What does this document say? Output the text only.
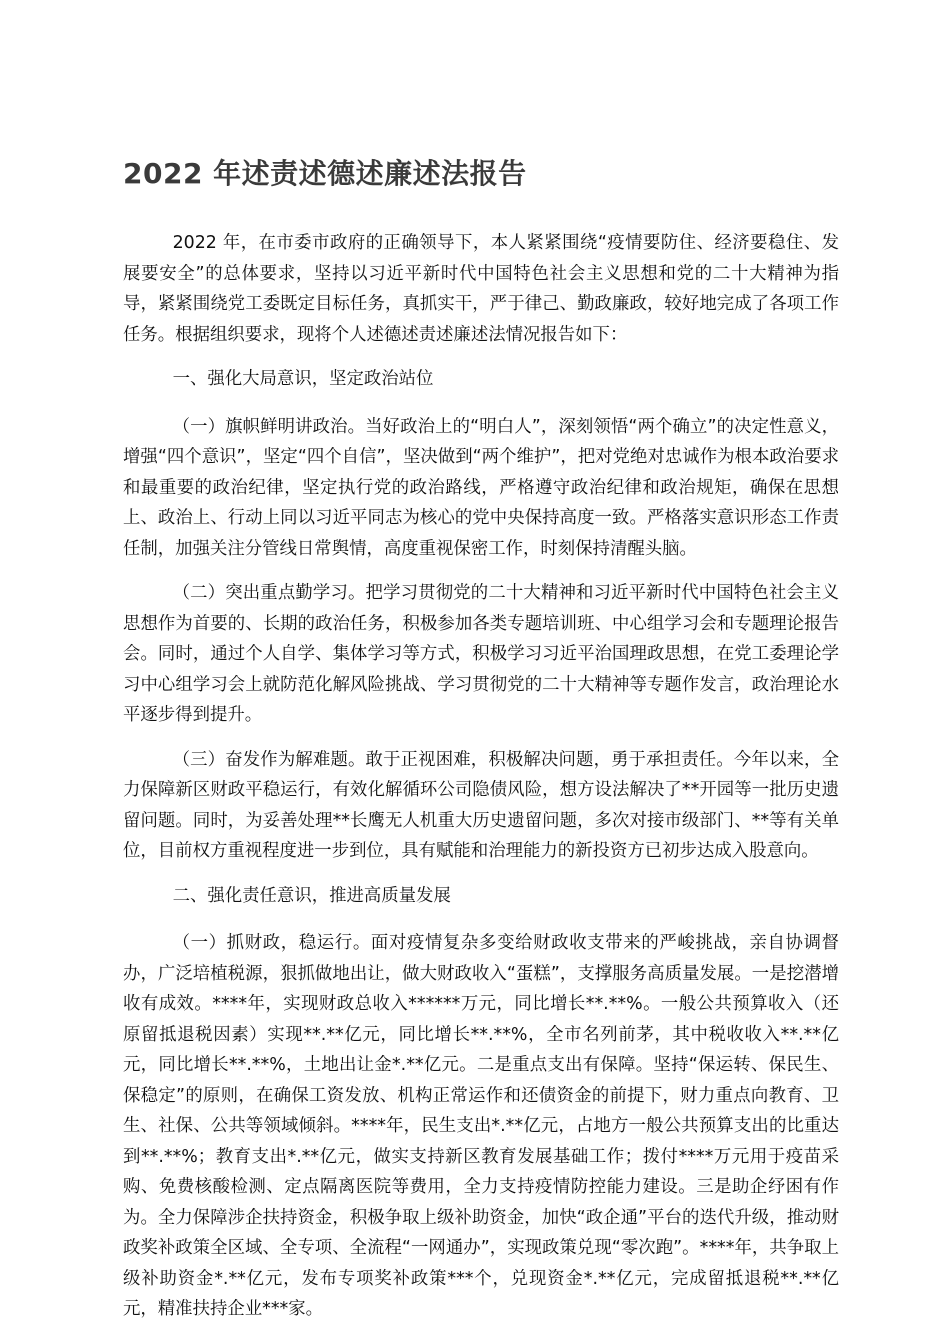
2022 年述责述德述廉述法报告

2022 年，在市委市政府的正确领导下，本人紧紧围绕“疫情要防住、经济要稳住、发展要安全”的总体要求，坚持以习近平新时代中国特色社会主义思想和党的二十大精神为指导，紧紧围绕党工委既定目标任务，真抓实干，严于律己、勤政廉政，较好地完成了各项工作任务。根据组织要求，现将个人述德述责述廉述法情况报告如下：

一、强化大局意识，坚定政治站位

（一）旗帜鲜明讲政治。当好政治上的“明白人”，深刻领悟“两个确立”的决定性意义，增强“四个意识”，坚定“四个自信”，坚决做到“两个维护”，把对党绝对忠诚作为根本政治要求和最重要的政治纪律，坚定执行党的政治路线，严格遵守政治纪律和政治规矩，确保在思想上、政治上、行动上同以习近平同志为核心的党中央保持高度一致。严格落实意识形态工作责任制，加强关注分管线日常舆情，高度重视保密工作，时刻保持清醒头脑。

（二）突出重点勤学习。把学习贯彻党的二十大精神和习近平新时代中国特色社会主义思想作为首要的、长期的政治任务，积极参加各类专题培训班、中心组学习会和专题理论报告会。同时，通过个人自学、集体学习等方式，积极学习习近平治国理政思想，在党工委理论学习中心组学习会上就防范化解风险挑战、学习贯彻党的二十大精神等专题作发言，政治理论水平逐步得到提升。

（三）奋发作为解难题。敢于正视困难，积极解决问题，勇于承担责任。今年以来，全力保障新区财政平稳运行，有效化解循环公司隐债风险，想方设法解决了**开园等一批历史遗留问题。同时，为妥善处理**长鹰无人机重大历史遗留问题，多次对接市级部门、**等有关单位，目前权方重视程度进一步到位，具有赋能和治理能力的新投资方已初步达成入股意向。

二、强化责任意识，推进高质量发展

（一）抓财政，稳运行。面对疫情复杂多变给财政收支带来的严峻挑战，亲自协调督办，广泛培植税源，狠抓做地出让，做大财政收入“蛋糕”，支撑服务高质量发展。一是挖潜增收有成效。****年，实现财政总收入******万元，同比增长**.**%。一般公共预算收入（还原留抵退税因素）实现**.**亿元，同比增长**.**%，全市名列前茅，其中税收收入**.**亿元，同比增长**.**%，土地出让金*.**亿元。二是重点支出有保障。坚持“保运转、保民生、保稳定”的原则，在确保工资发放、机构正常运作和还债资金的前提下，财力重点向教育、卫生、社保、公共等领域倾斜。****年，民生支出*.**亿元，占地方一般公共预算支出的比重达到**.**%；教育支出*.**亿元，做实支持新区教育发展基础工作；拨付****万元用于疫苗采购、免费核酸检测、定点隔离医院等费用，全力支持疫情防控能力建设。三是助企纾困有作为。全力保障涉企扶持资金，积极争取上级补助资金，加快“政企通”平台的迭代升级，推动财政奖补政策全区域、全专项、全流程“一网通办”，实现政策兑现“零次跑”。****年，共争取上级补助资金*.**亿元，发布专项奖补政策***个，兑现资金*.**亿元，完成留抵退税**.**亿元，精准扶持企业***家。
